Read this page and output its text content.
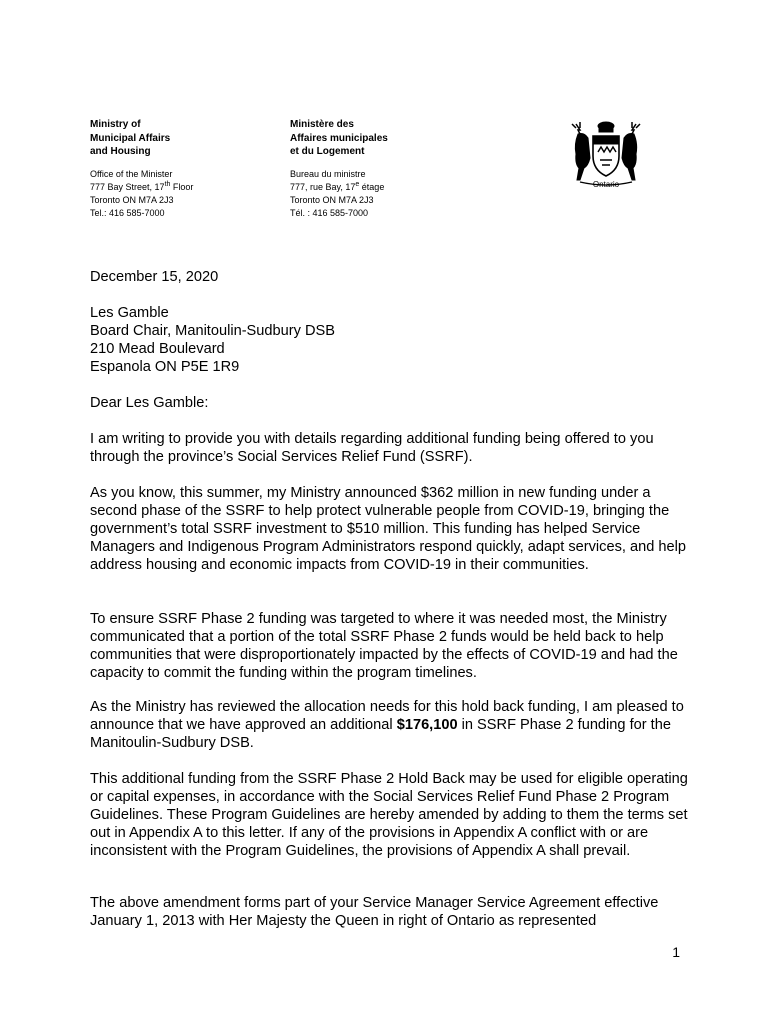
Ministry of
Municipal Affairs
and Housing
Office of the Minister
777 Bay Street, 17th Floor
Toronto ON M7A 2J3
Tel.: 416 585-7000
Ministère des
Affaires municipales
et du Logement
Bureau du ministre
777, rue Bay, 17e étage
Toronto ON M7A 2J3
Tél. : 416 585-7000
Ontario

December 15, 2020

Les Gamble

Board Chair, Manitoulin-Sudbury DSB

210 Mead Boulevard

Espanola ON P5E 1R9

Dear Les Gamble:

I am writing to provide you with details regarding additional funding being offered to you through the province’s Social Services Relief Fund (SSRF).

As you know, this summer, my Ministry announced $362 million in new funding under a second phase of the SSRF to help protect vulnerable people from COVID-19, bringing the government’s total SSRF investment to $510 million. This funding has helped Service Managers and Indigenous Program Administrators respond quickly, adapt services, and help address housing and economic impacts from COVID-19 in their communities.

To ensure SSRF Phase 2 funding was targeted to where it was needed most, the Ministry communicated that a portion of the total SSRF Phase 2 funds would be held back to help communities that were disproportionately impacted by the effects of COVID-19 and had the capacity to commit the funding within the program timelines.

As the Ministry has reviewed the allocation needs for this hold back funding, I am pleased to announce that we have approved an additional $176,100 in SSRF Phase 2 funding for the Manitoulin-Sudbury DSB.

This additional funding from the SSRF Phase 2 Hold Back may be used for eligible operating or capital expenses, in accordance with the Social Services Relief Fund Phase 2 Program Guidelines. These Program Guidelines are hereby amended by adding to them the terms set out in Appendix A to this letter. If any of the provisions in Appendix A conflict with or are inconsistent with the Program Guidelines, the provisions of Appendix A shall prevail.

The above amendment forms part of your Service Manager Service Agreement effective January 1, 2013 with Her Majesty the Queen in right of Ontario as represented

1
